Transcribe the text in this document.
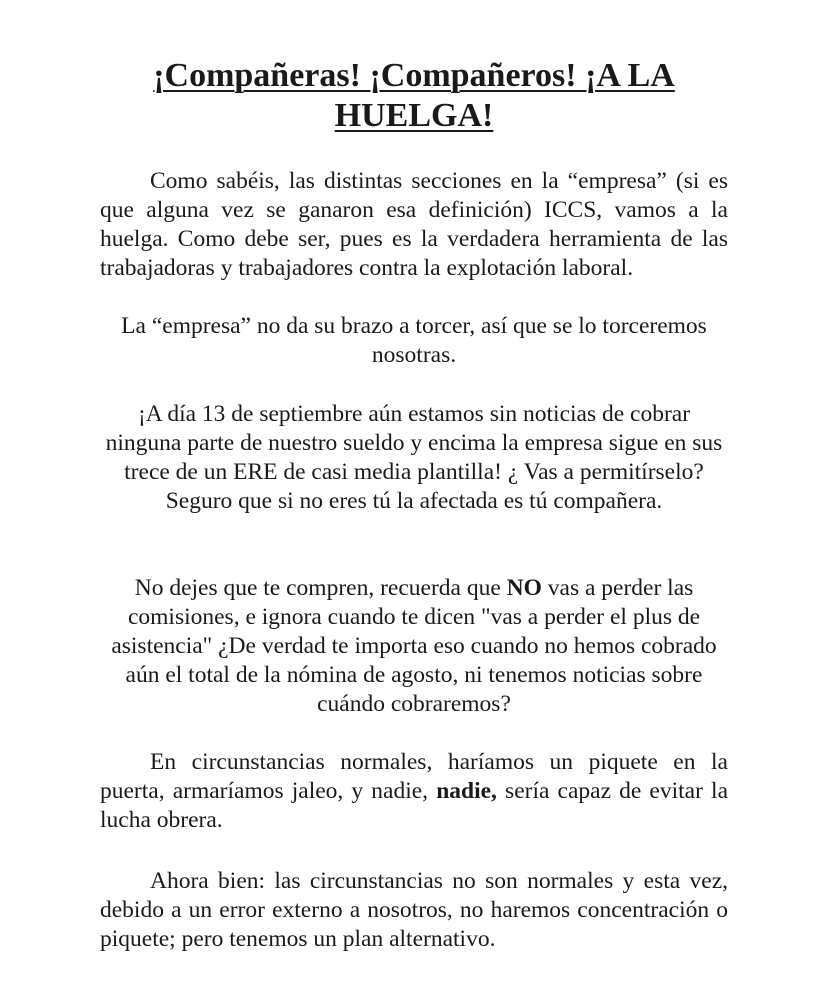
¡Compañeras! ¡Compañeros! ¡A LA HUELGA!

Como sabéis, las distintas secciones en la “empresa” (si es que alguna vez se ganaron esa definición) ICCS, vamos a la huelga. Como debe ser, pues es la verdadera herramienta de las trabajadoras y trabajadores contra la explotación laboral.

La “empresa” no da su brazo a torcer, así que se lo torceremos nosotras.

¡A día 13 de septiembre aún estamos sin noticias de cobrar ninguna parte de nuestro sueldo y encima la empresa sigue en sus trece de un ERE de casi media plantilla! ¿ Vas a permitírselo? Seguro que si no eres tú la afectada es tú compañera.

No dejes que te compren, recuerda que NO vas a perder las comisiones, e ignora cuando te dicen "vas a perder el plus de asistencia" ¿De verdad te importa eso cuando no hemos cobrado aún el total de la nómina de agosto, ni tenemos noticias sobre cuándo cobraremos?

En circunstancias normales, haríamos un piquete en la puerta, armaríamos jaleo, y nadie, nadie, sería capaz de evitar la lucha obrera.

Ahora bien: las circunstancias no son normales y esta vez, debido a un error externo a nosotros, no haremos concentración o piquete; pero tenemos un plan alternativo.
